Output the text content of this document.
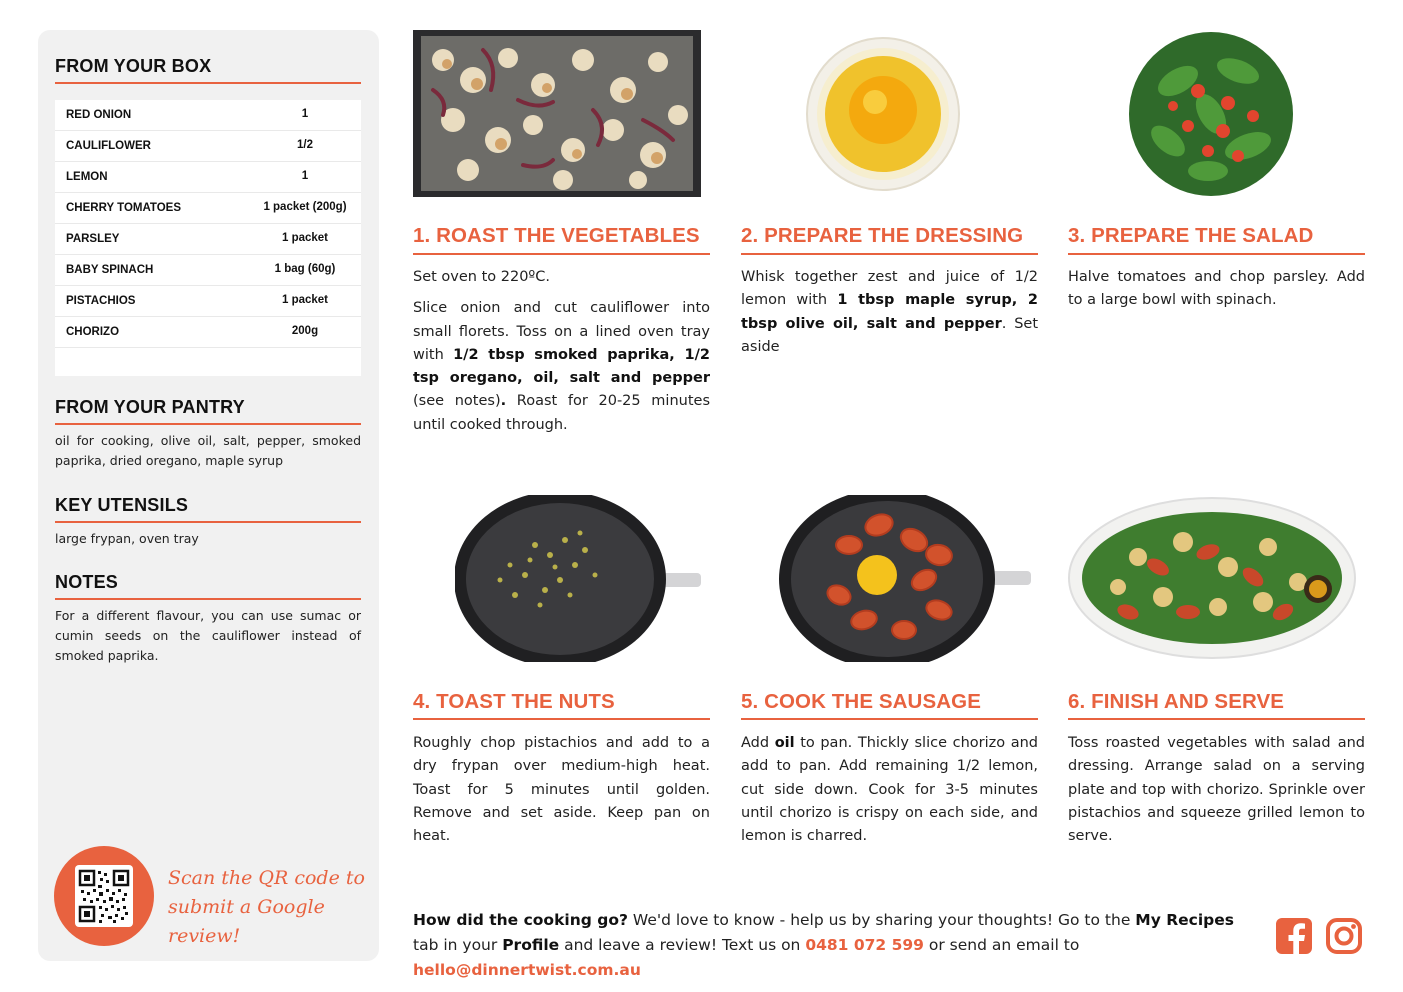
FROM YOUR BOX
RED ONION	1
CAULIFLOWER	1/2
LEMON	1
CHERRY TOMATOES	1 packet (200g)
PARSLEY	1 packet
BABY SPINACH	1 bag (60g)
PISTACHIOS	1 packet
CHORIZO	200g
FROM YOUR PANTRY
oil for cooking, olive oil, salt, pepper, smoked paprika, dried oregano, maple syrup
KEY UTENSILS
large frypan, oven tray
NOTES
For a different flavour, you can use sumac or cumin seeds on the cauliflower instead of smoked paprika.
Scan the QR code to
submit a Google review!
1. ROAST THE VEGETABLES

Set oven to 220ºC.

Slice onion and cut cauliflower into small florets. Toss on a lined oven tray with 1/2 tbsp smoked paprika, 1/2 tsp oregano, oil, salt and pepper (see notes). Roast for 20-25 minutes until cooked through.

2. PREPARE THE DRESSING

Whisk together zest and juice of 1/2 lemon with 1 tbsp maple syrup, 2 tbsp olive oil, salt and pepper. Set aside

3. PREPARE THE SALAD

Halve tomatoes and chop parsley. Add to a large bowl with spinach.

4. TOAST THE NUTS

Roughly chop pistachios and add to a dry frypan over medium-high heat. Toast for 5 minutes until golden. Remove and set aside. Keep pan on heat.

5. COOK THE SAUSAGE

Add oil to pan. Thickly slice chorizo and add to pan. Add remaining 1/2 lemon, cut side down. Cook for 3-5 minutes until chorizo is crispy on each side, and lemon is charred.

6. FINISH AND SERVE

Toss roasted vegetables with salad and dressing. Arrange salad on a serving plate and top with chorizo. Sprinkle over pistachios and squeeze grilled lemon to serve.

How did the cooking go? We'd love to know - help us by sharing your thoughts! Go to the My Recipes tab in your Profile and leave a review! Text us on 0481 072 599 or send an email to hello@dinnertwist.com.au
